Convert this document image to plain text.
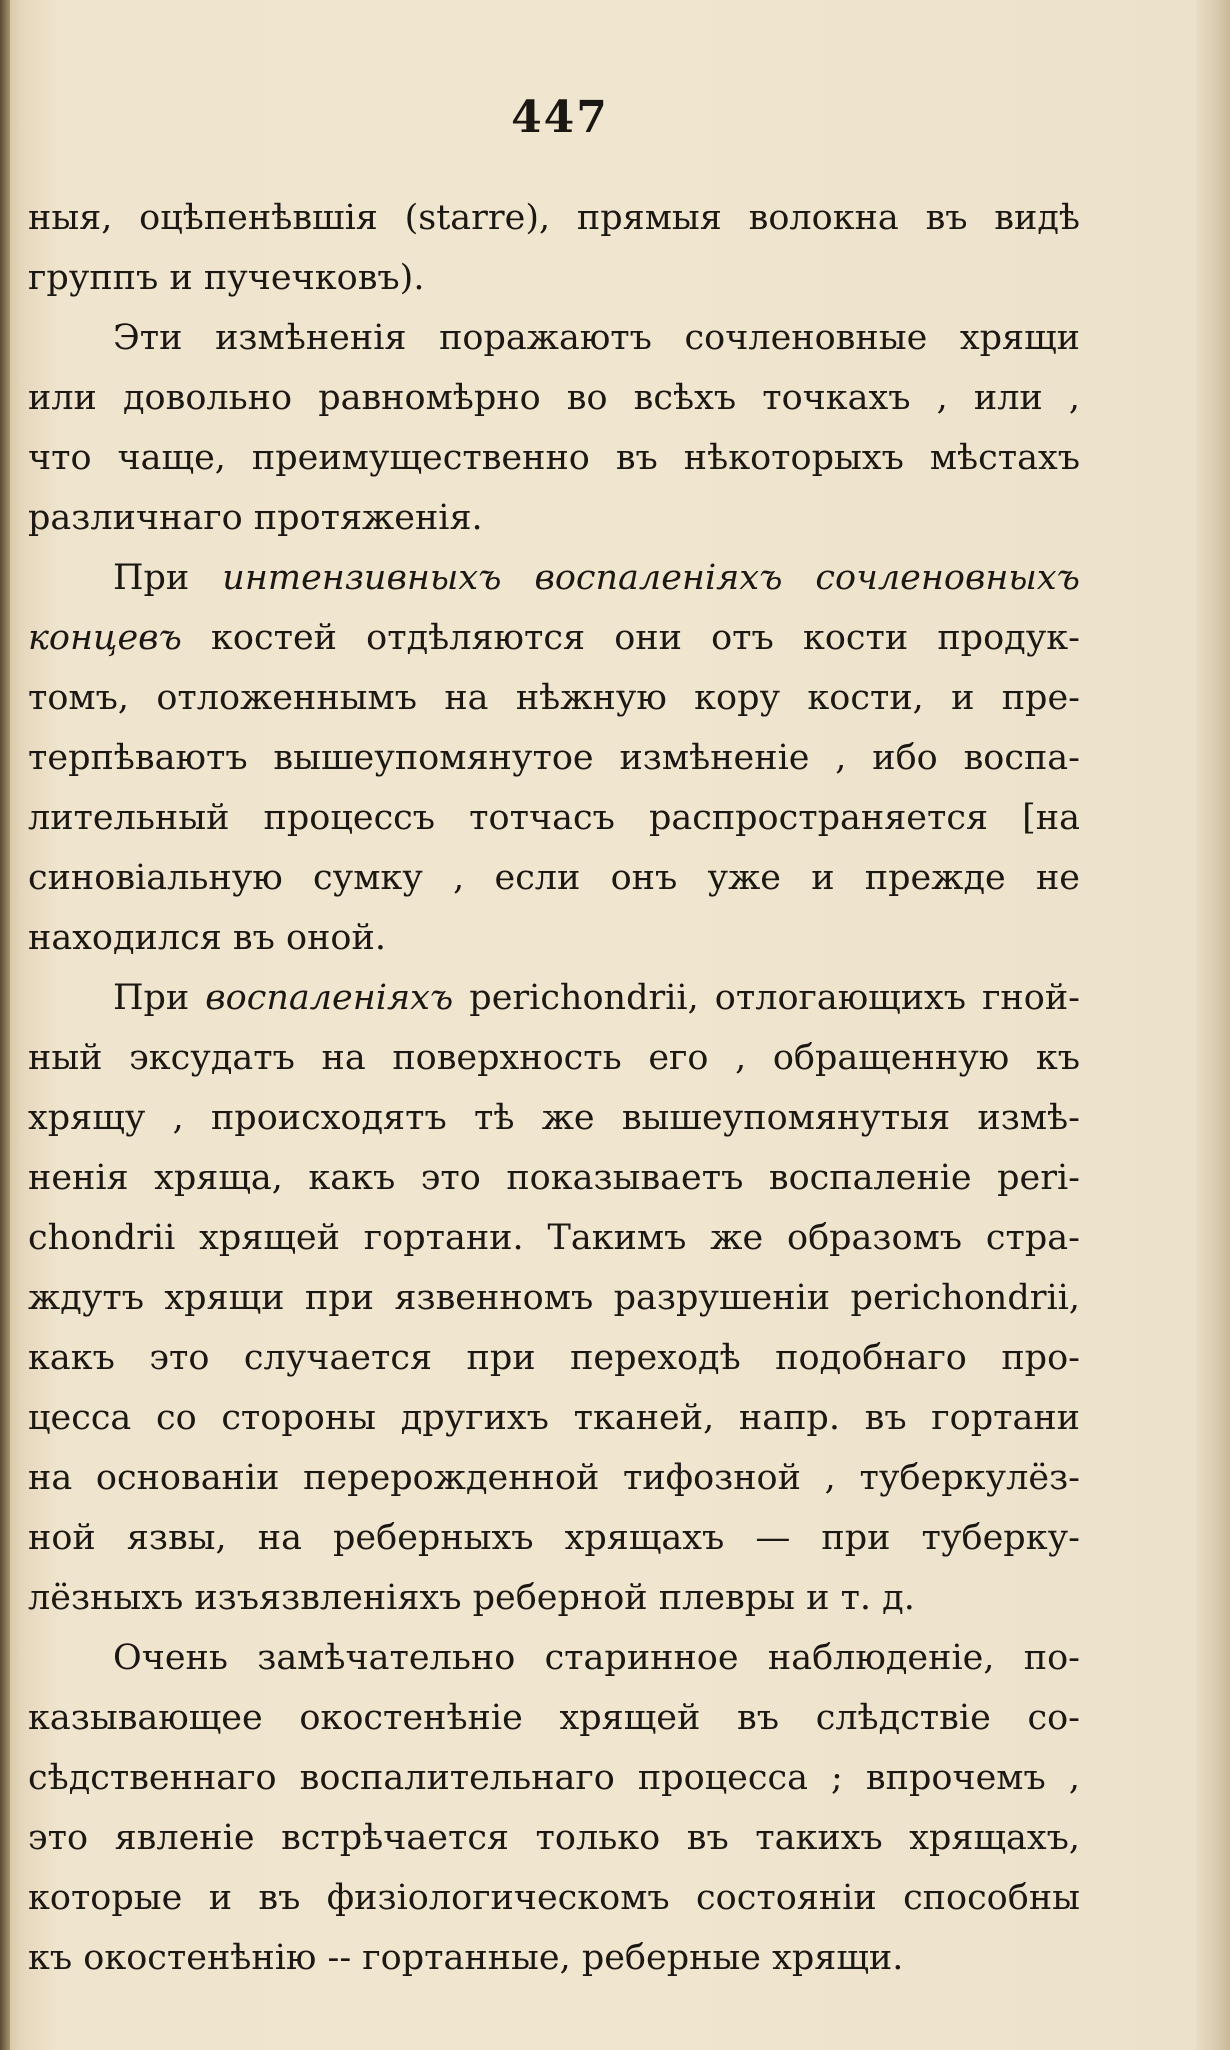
447
ныя, оцѣпенѣвшія (starre), прямыя волокна въ видѣ
группъ и пучечковъ).
Эти измѣненія поражаютъ сочленовные хрящи
или довольно равномѣрно во всѣхъ точкахъ , или ,
что чаще, преимущественно въ нѣкоторыхъ мѣстахъ
различнаго протяженія.
При интензивныхъ воспаленіяхъ сочленовныхъ
концевъ костей отдѣляются они отъ кости продук-
томъ, отложеннымъ на нѣжную кору кости, и пре-
терпѣваютъ вышеупомянутое измѣненіе , ибо воспа-
лительный процессъ тотчасъ распространяется [на
синовіальную сумку , если онъ уже и прежде не
находился въ оной.
При воспаленіяхъ perichondrii, отлогающихъ гной-
ный эксудатъ на поверхность его , обращенную къ
хрящу , происходятъ тѣ же вышеупомянутыя измѣ-
ненія хряща, какъ это показываетъ воспаленіе peri-
chondrii хрящей гортани. Такимъ же образомъ стра-
ждутъ хрящи при язвенномъ разрушеніи perichondrii,
какъ это случается при переходѣ подобнаго про-
цесса со стороны другихъ тканей, напр. въ гортани
на основаніи перерожденной тифозной , туберкулёз-
ной язвы, на реберныхъ хрящахъ — при туберку-
лёзныхъ изъязвленіяхъ реберной плевры и т. д.
Очень замѣчательно старинное наблюденіе, по-
казывающее окостенѣніе хрящей въ слѣдствіе со-
сѣдственнаго воспалительнаго процесса ; впрочемъ ,
это явленіе встрѣчается только въ такихъ хрящахъ,
которые и въ физіологическомъ состояніи способны
къ окостенѣнію -- гортанные, реберные хрящи.
